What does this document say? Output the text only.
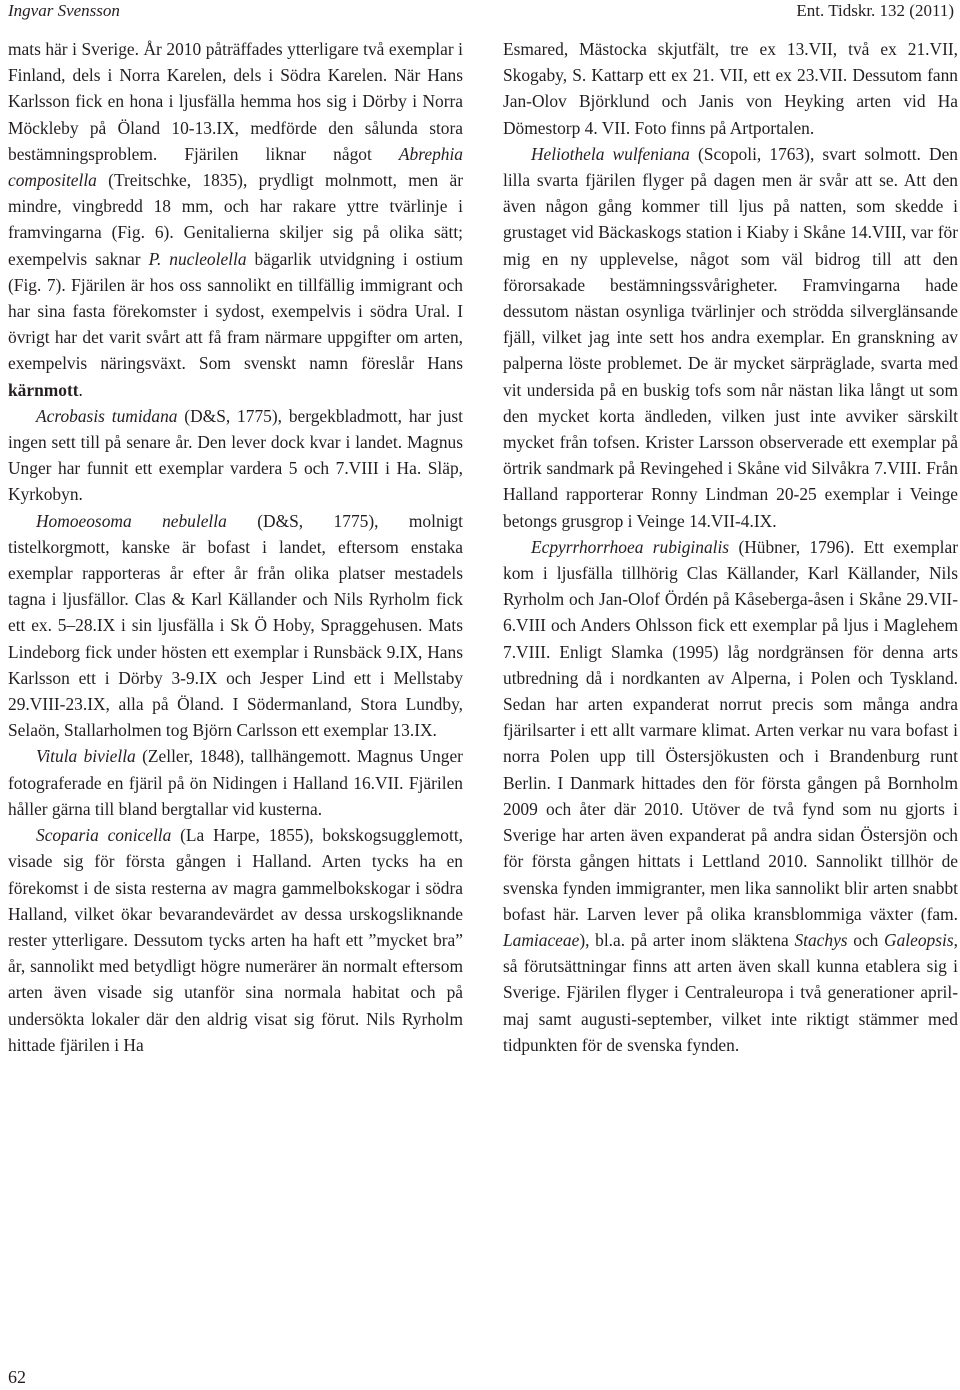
Ingvar Svensson	Ent. Tidskr. 132 (2011)

mats här i Sverige. År 2010 påträffades ytterligare två exemplar i Finland, dels i Norra Karelen, dels i Södra Karelen. När Hans Karlsson fick en hona i ljusfälla hemma hos sig i Dörby i Norra Möckleby på Öland 10-13.IX, medförde den sålunda stora bestämningsproblem. Fjärilen liknar något Abrephia compositella (Treitschke, 1835), prydligt molnmott, men är mindre, vingbredd 18 mm, och har rakare yttre tvärlinje i framvingarna (Fig. 6). Genitalierna skiljer sig på olika sätt; exempelvis saknar P. nucleolella bägarlik utvidgning i ostium (Fig. 7). Fjärilen är hos oss sannolikt en tillfällig immigrant och har sina fasta förekomster i sydost, exempelvis i södra Ural. I övrigt har det varit svårt att få fram närmare uppgifter om arten, exempelvis näringsväxt. Som svenskt namn föreslår Hans kärnmott.

Acrobasis tumidana (D&S, 1775), bergekbladmott, har just ingen sett till på senare år. Den lever dock kvar i landet. Magnus Unger har funnit ett exemplar vardera 5 och 7.VIII i Ha. Släp, Kyrkobyn.

Homoeosoma nebulella (D&S, 1775), molnigt tistelkorgmott, kanske är bofast i landet, eftersom enstaka exemplar rapporteras år efter år från olika platser mestadels tagna i ljusfällor. Clas & Karl Källander och Nils Ryrholm fick ett ex. 5–28.IX i sin ljusfälla i Sk Ö Hoby, Spraggehusen. Mats Lindeborg fick under hösten ett exemplar i Runsbäck 9.IX, Hans Karlsson ett i Dörby 3-9.IX och Jesper Lind ett i Mellstaby 29.VIII-23.IX, alla på Öland. I Södermanland, Stora Lundby, Selaön, Stallarholmen tog Björn Carlsson ett exemplar 13.IX.

Vitula biviella (Zeller, 1848), tallhängemott. Magnus Unger fotograferade en fjäril på ön Nidingen i Halland 16.VII. Fjärilen håller gärna till bland bergtallar vid kusterna.

Scoparia conicella (La Harpe, 1855), bokskogsugglemott, visade sig för första gången i Halland. Arten tycks ha en förekomst i de sista resterna av magra gammelbokskogar i södra Halland, vilket ökar bevarandevärdet av dessa urskogsliknande rester ytterligare. Dessutom tycks arten ha haft ett ”mycket bra” år, sannolikt med betydligt högre numerärer än normalt eftersom arten även visade sig utanför sina normala habitat och på undersökta lokaler där den aldrig visat sig förut. Nils Ryrholm hittade fjärilen i Ha

Esmared, Mästocka skjutfält, tre ex 13.VII, två ex 21.VII, Skogaby, S. Kattarp ett ex 21. VII, ett ex 23.VII. Dessutom fann Jan-Olov Björklund och Janis von Heyking arten vid Ha Dömestorp 4. VII. Foto finns på Artportalen.

Heliothela wulfeniana (Scopoli, 1763), svart solmott. Den lilla svarta fjärilen flyger på dagen men är svår att se. Att den även någon gång kommer till ljus på natten, som skedde i grustaget vid Bäckaskogs station i Kiaby i Skåne 14.VIII, var för mig en ny upplevelse, något som väl bidrog till att den förorsakade bestämningssvårigheter. Framvingarna hade dessutom nästan osynliga tvärlinjer och strödda silverglänsande fjäll, vilket jag inte sett hos andra exemplar. En granskning av palperna löste problemet. De är mycket särpräglade, svarta med vit undersida på en buskig tofs som når nästan lika långt ut som den mycket korta ändleden, vilken just inte avviker särskilt mycket från tofsen. Krister Larsson observerade ett exemplar på örtrik sandmark på Revingehed i Skåne vid Silvåkra 7.VIII. Från Halland rapporterar Ronny Lindman 20-25 exemplar i Veinge betongs grusgrop i Veinge 14.VII-4.IX.

Ecpyrrhorrhoea rubiginalis (Hübner, 1796). Ett exemplar kom i ljusfälla tillhörig Clas Källander, Karl Källander, Nils Ryrholm och Jan-Olof Ördén på Kåseberga-åsen i Skåne 29.VII-6.VIII och Anders Ohlsson fick ett exemplar på ljus i Maglehem 7.VIII. Enligt Slamka (1995) låg nordgränsen för denna arts utbredning då i nordkanten av Alperna, i Polen och Tyskland. Sedan har arten expanderat norrut precis som många andra fjärilsarter i ett allt varmare klimat. Arten verkar nu vara bofast i norra Polen upp till Östersjökusten och i Brandenburg runt Berlin. I Danmark hittades den för första gången på Bornholm 2009 och åter där 2010. Utöver de två fynd som nu gjorts i Sverige har arten även expanderat på andra sidan Östersjön och för första gången hittats i Lettland 2010. Sannolikt tillhör de svenska fynden immigranter, men lika sannolikt blir arten snabbt bofast här. Larven lever på olika kransblommiga växter (fam. Lamiaceae), bl.a. på arter inom släktena Stachys och Galeopsis, så förutsättningar finns att arten även skall kunna etablera sig i Sverige. Fjärilen flyger i Centraleuropa i två generationer april-maj samt augusti-september, vilket inte riktigt stämmer med tidpunkten för de svenska fynden.

62
